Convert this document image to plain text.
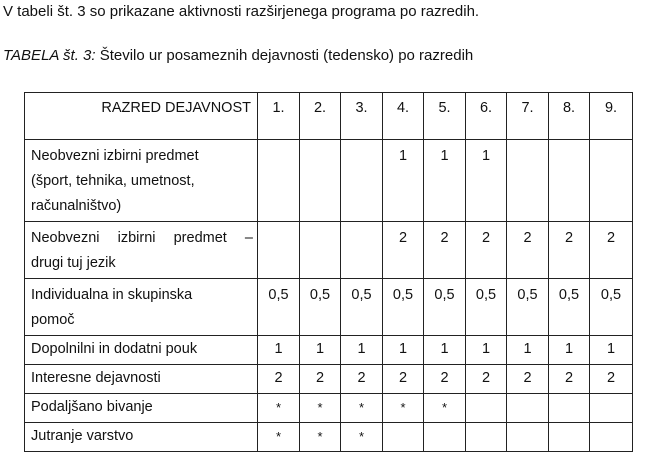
V tabeli št. 3 so prikazane aktivnosti razširjenega programa po razredih.
TABELA št. 3: Število ur posameznih dejavnosti (tedensko) po razredih
RAZRED DEJAVNOST	1.	2.	3.	4.	5.	6.	7.	8.	9.

Neobvezni izbirni predmet
(šport, tehnika, umetnost,
računalništvo)				1	1	1			

Neobvezni izbirni predmet –
drugi tuj jezik				2	2	2	2	2	2

Individualna in skupinska
pomoč	0,5	0,5	0,5	0,5	0,5	0,5	0,5	0,5	0,5

Dopolnilni in dodatni pouk	1	1	1	1	1	1	1	1	1

Interesne dejavnosti	2	2	2	2	2	2	2	2	2

Podaljšano bivanje	*	*	*	*	*				

Jutranje varstvo	*	*	*						
